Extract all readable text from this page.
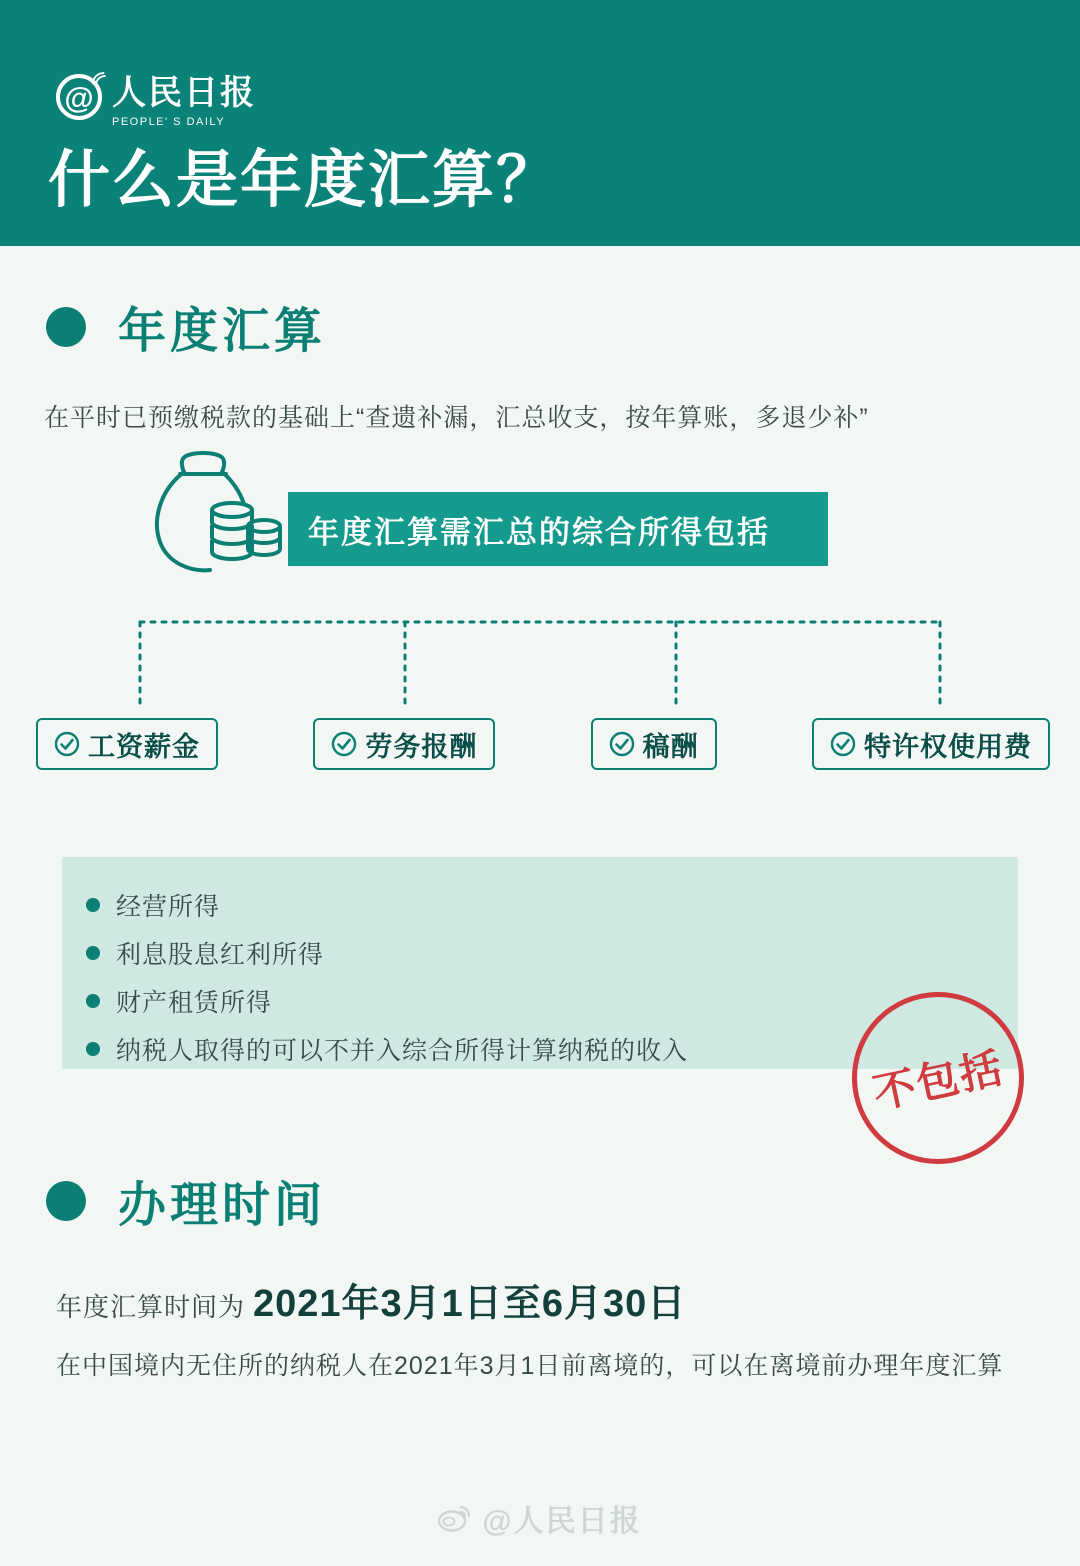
@ 人民日报
PEOPLE' S DAILY
什么是年度汇算？
年度汇算
在平时已预缴税款的基础上“查遗补漏，汇总收支，按年算账，多退少补”
年度汇算需汇总的综合所得包括
工资薪金	劳务报酬	稿酬	特许权使用费
经营所得
利息股息红利所得
财产租赁所得
纳税人取得的可以不并入综合所得计算纳税的收入	不包括
办理时间
年度汇算时间为 2021年3月1日至6月30日
在中国境内无住所的纳税人在2021年3月1日前离境的，可以在离境前办理年度汇算
@人民日报
